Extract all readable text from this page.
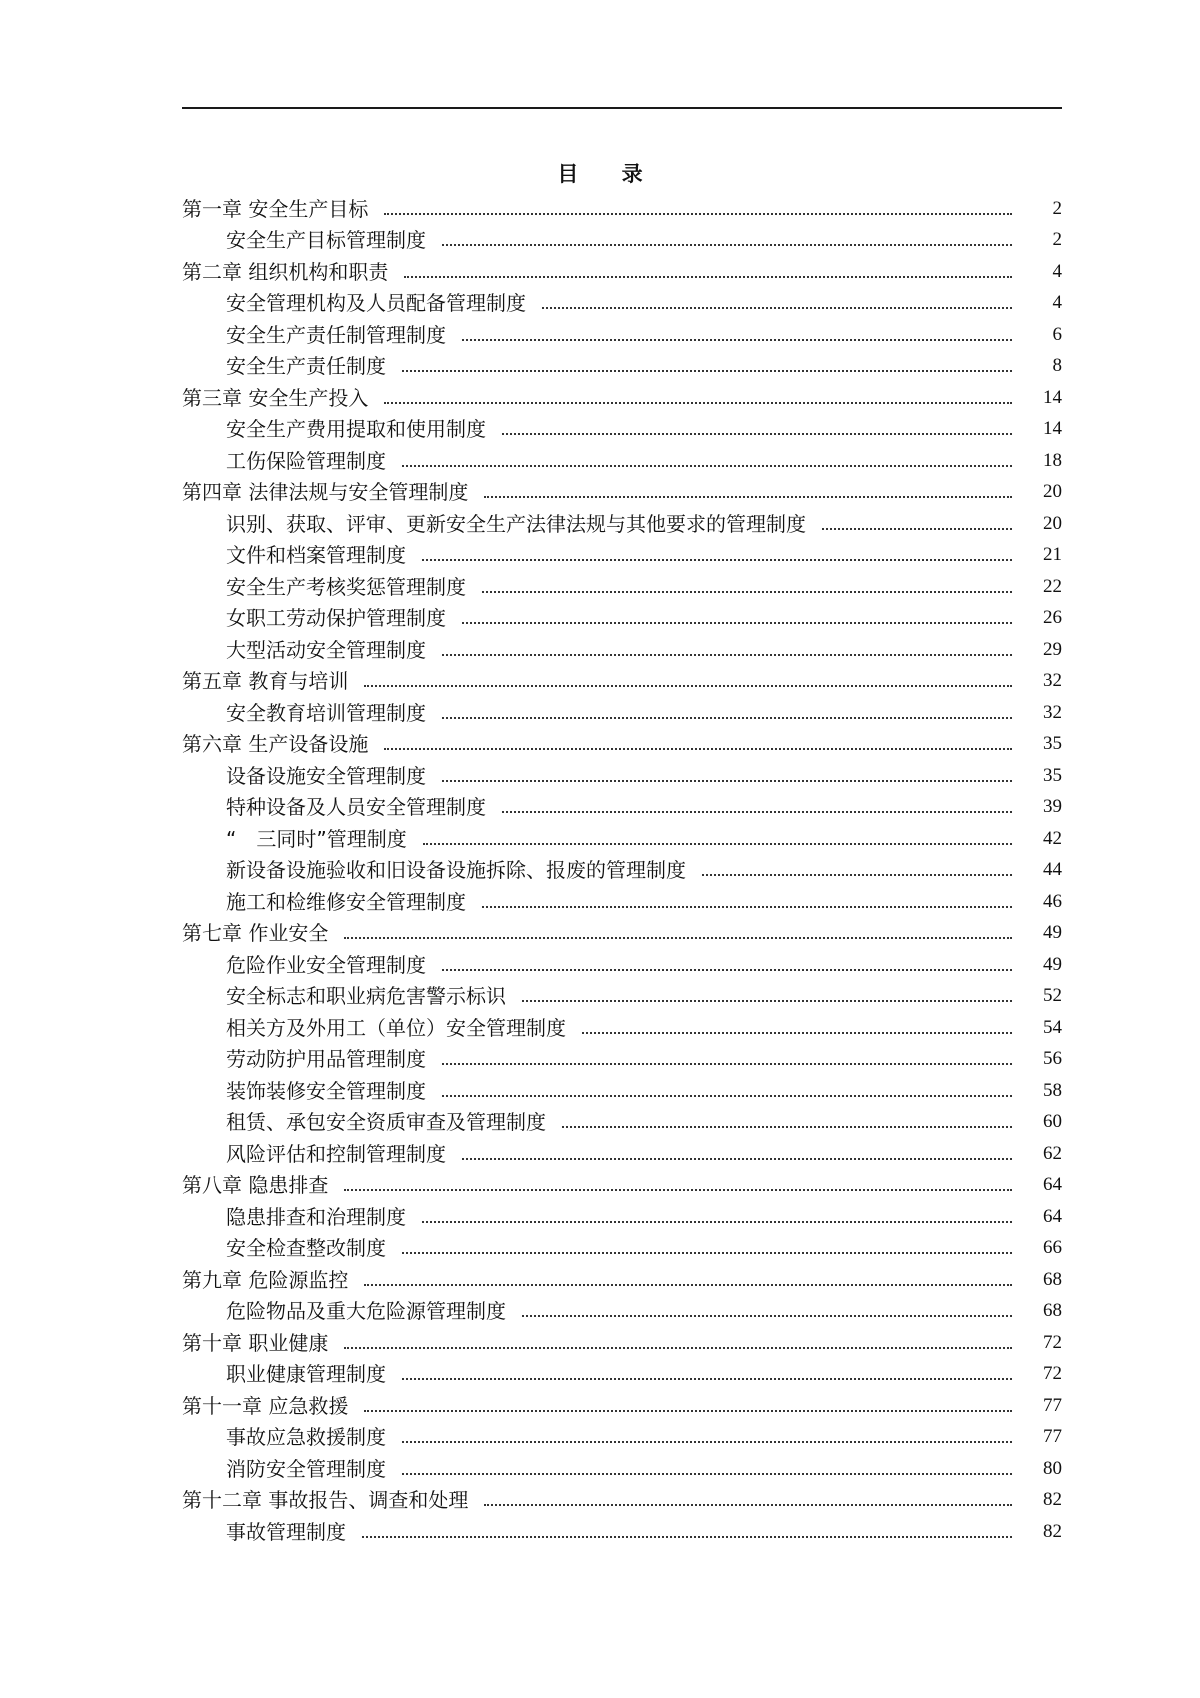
目 录
第一章 安全生产目标	2
安全生产目标管理制度	2
第二章 组织机构和职责	4
安全管理机构及人员配备管理制度	4
安全生产责任制管理制度	6
安全生产责任制度	8
第三章 安全生产投入	14
安全生产费用提取和使用制度	14
工伤保险管理制度	18
第四章 法律法规与安全管理制度	20
识别、获取、评审、更新安全生产法律法规与其他要求的管理制度	20
文件和档案管理制度	21
安全生产考核奖惩管理制度	22
女职工劳动保护管理制度	26
大型活动安全管理制度	29
第五章 教育与培训	32
安全教育培训管理制度	32
第六章 生产设备设施	35
设备设施安全管理制度	35
特种设备及人员安全管理制度	39
“　三同时”管理制度	42
新设备设施验收和旧设备设施拆除、报废的管理制度	44
施工和检维修安全管理制度	46
第七章 作业安全	49
危险作业安全管理制度	49
安全标志和职业病危害警示标识	52
相关方及外用工（单位）安全管理制度	54
劳动防护用品管理制度	56
装饰装修安全管理制度	58
租赁、承包安全资质审查及管理制度	60
风险评估和控制管理制度	62
第八章 隐患排查	64
隐患排查和治理制度	64
安全检查整改制度	66
第九章 危险源监控	68
危险物品及重大危险源管理制度	68
第十章 职业健康	72
职业健康管理制度	72
第十一章 应急救援	77
事故应急救援制度	77
消防安全管理制度	80
第十二章 事故报告、调查和处理	82
事故管理制度	82
